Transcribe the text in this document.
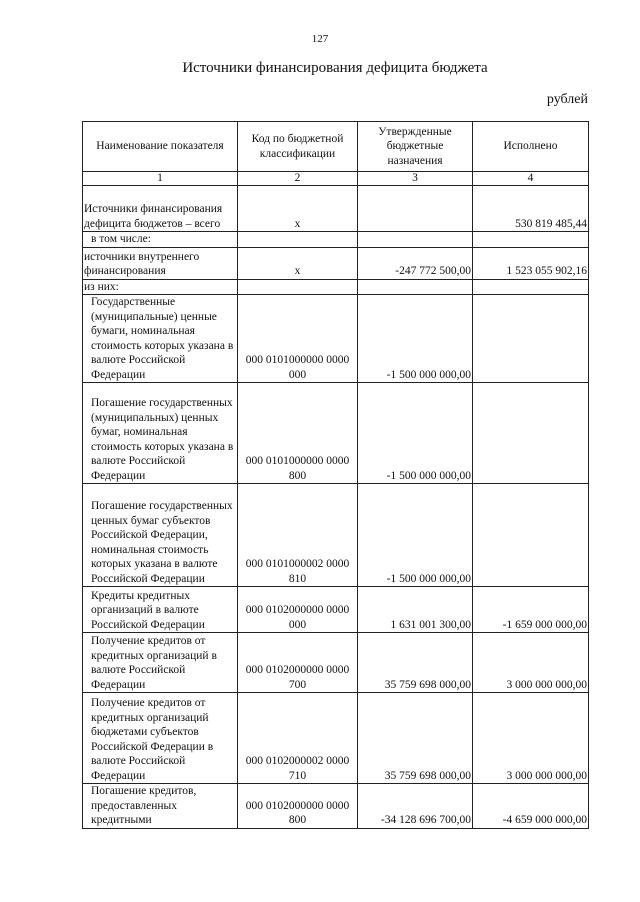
127
Источники финансирования дефицита бюджета
рублей
Наименование показателя	Код по бюджетной классификации	Утвержденные бюджетные назначения	Исполнено
1	2	3	4
Источники финансирования дефицита бюджетов – всего	x		530 819 485,44
в том числе:			
источники внутреннего финансирования	x	-247 772 500,00	1 523 055 902,16
из них:			
Государственные (муниципальные) ценные бумаги, номинальная стоимость которых указана в валюте Российской Федерации	000 0101000000 0000 000	-1 500 000 000,00	
Погашение государственных (муниципальных) ценных бумаг, номинальная стоимость которых указана в валюте Российской Федерации	000 0101000000 0000 800	-1 500 000 000,00	
Погашение государственных ценных бумаг субъектов Российской Федерации, номинальная стоимость которых указана в валюте Российской Федерации	000 0101000002 0000 810	-1 500 000 000,00	
Кредиты кредитных организаций в валюте Российской Федерации	000 0102000000 0000 000	1 631 001 300,00	-1 659 000 000,00
Получение кредитов от кредитных организаций в валюте Российской Федерации	000 0102000000 0000 700	35 759 698 000,00	3 000 000 000,00
Получение кредитов от кредитных организаций бюджетами субъектов Российской Федерации в валюте Российской Федерации	000 0102000002 0000 710	35 759 698 000,00	3 000 000 000,00
Погашение кредитов, предоставленных кредитными	000 0102000000 0000 800	-34 128 696 700,00	-4 659 000 000,00
